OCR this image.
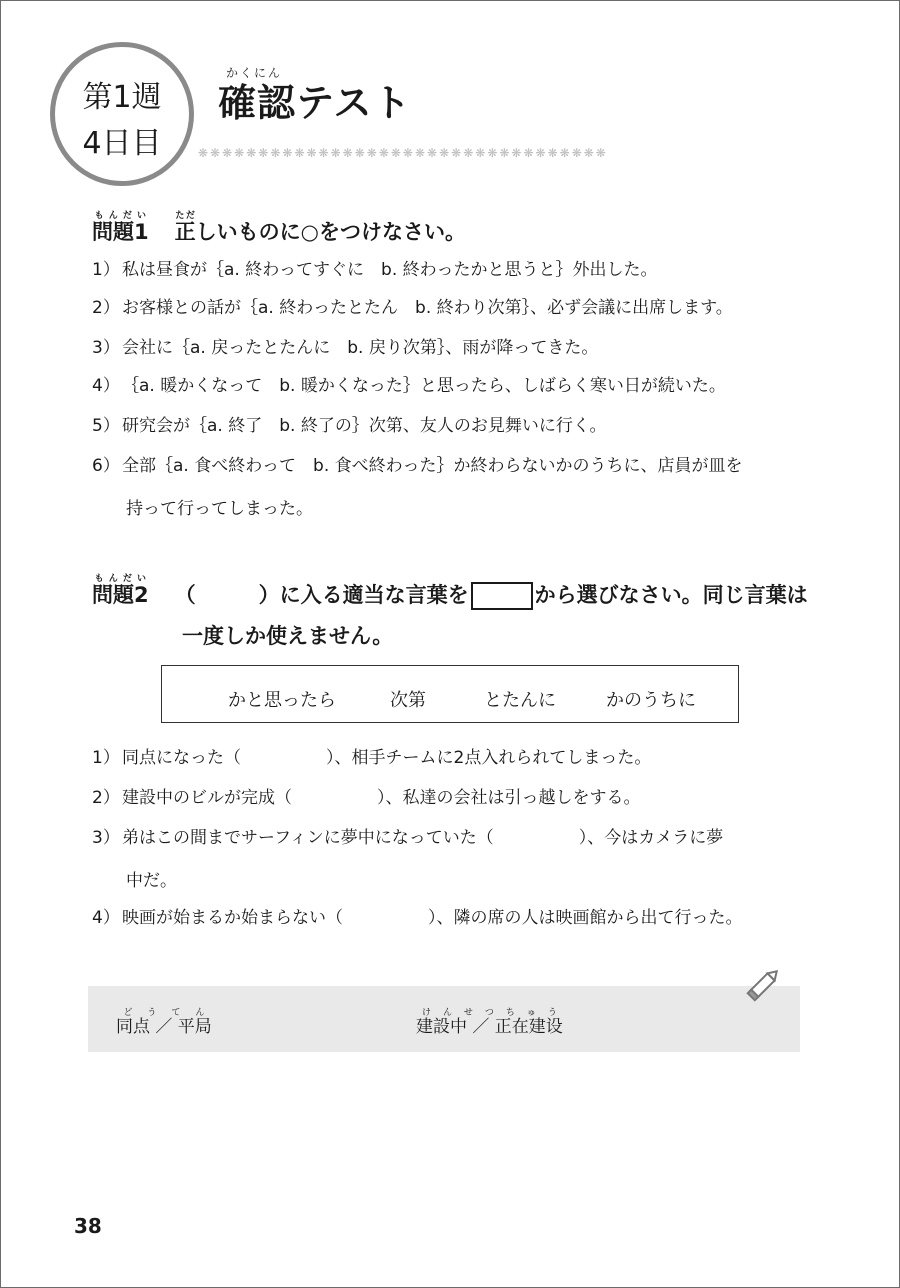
第1週
4日目
かくにん
確認テスト
❋❋❋❋❋❋❋❋❋❋❋❋❋❋❋❋❋❋❋❋❋❋❋❋❋❋❋❋❋❋❋❋❋❋
問題1もんだい正ただしいものに○をつけなさい。
1） 私は昼食が｛a. 終わってすぐに　b. 終わったかと思うと｝外出した。
2） お客様との話が｛a. 終わったとたん　b. 終わり次第｝、必ず会議に出席します。
3） 会社に｛a. 戻ったとたんに　b. 戻り次第｝、雨が降ってきた。
4） ｛a. 暖かくなって　b. 暖かくなった｝と思ったら、しばらく寒い日が続いた。
5） 研究会が｛a. 終了　b. 終了の｝次第、友人のお見舞いに行く。
6） 全部｛a. 食べ終わって　b. 食べ終わった｝か終わらないかのうちに、店員が皿を
持って行ってしまった。
問題2もんだい（　　　）に入る適当な言葉を	から選びなさい。同じ言葉は
一度しか使えません。
かと思ったら	次第	とたんに	かのうちに
1） 同点になった（　　　　　）、相手チームに2点入れられてしまった。
2） 建設中のビルが完成（　　　　　）、私達の会社は引っ越しをする。
3） 弟はこの間までサーフィンに夢中になっていた（　　　　　）、今はカメラに夢
中だ。
4） 映画が始まるか始まらない（　　　　　）、隣の席の人は映画館から出て行った。
同点 ／ 平局どうてん
建設中 ／ 正在建设けんせつちゅう
38
